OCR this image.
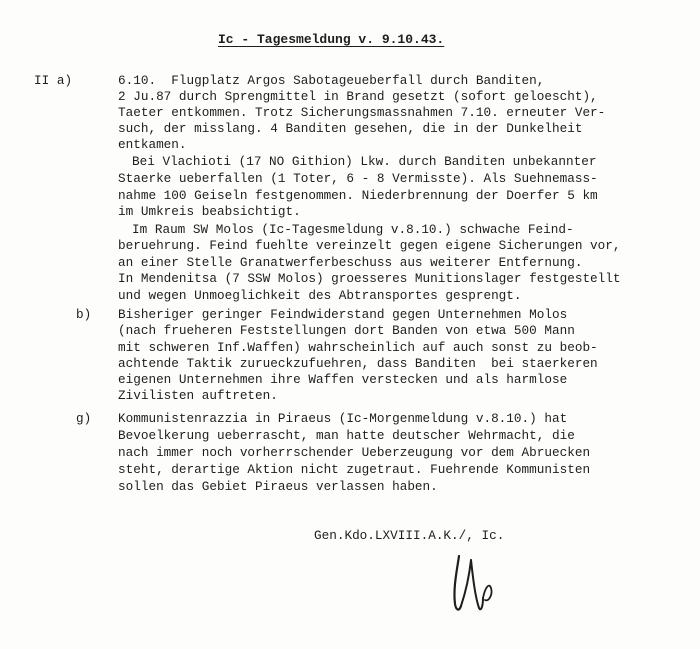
Ic - Tagesmeldung v. 9.10.43.
II a)	6.10.  Flugplatz Argos Sabotageueberfall durch Banditen,
2 Ju.87 durch Sprengmittel in Brand gesetzt (sofort geloescht),
Taeter entkommen. Trotz Sicherungsmassnahmen 7.10. erneuter Ver-
such, der misslang. 4 Banditen gesehen, die in der Dunkelheit
entkamen.
Bei Vlachioti (17 NO Githion) Lkw. durch Banditen unbekannter
Staerke ueberfallen (1 Toter, 6 - 8 Vermisste). Als Suehnemass-
nahme 100 Geiseln festgenommen. Niederbrennung der Doerfer 5 km
im Umkreis beabsichtigt.
Im Raum SW Molos (Ic-Tagesmeldung v.8.10.) schwache Feind-
beruehrung. Feind fuehlte vereinzelt gegen eigene Sicherungen vor,
an einer Stelle Granatwerferbeschuss aus weiterer Entfernung.
In Mendenitsa (7 SSW Molos) groesseres Munitionslager festgestellt
und wegen Unmoeglichkeit des Abtransportes gesprengt.
b) Bisheriger geringer Feindwiderstand gegen Unternehmen Molos
(nach frueheren Feststellungen dort Banden von etwa 500 Mann
mit schweren Inf.Waffen) wahrscheinlich auf auch sonst zu beob-
achtende Taktik zurueckzufuehren, dass Banditen  bei staerkeren
eigenen Unternehmen ihre Waffen verstecken und als harmlose
Zivilisten auftreten.
g) Kommunistenrazzia in Piraeus (Ic-Morgenmeldung v.8.10.) hat
Bevoelkerung ueberrascht, man hatte deutscher Wehrmacht, die
nach immer noch vorherrschender Ueberzeugung vor dem Abruecken
steht, derartige Aktion nicht zugetraut. Fuehrende Kommunisten
sollen das Gebiet Piraeus verlassen haben.
Gen.Kdo.LXVIII.A.K./, Ic.
